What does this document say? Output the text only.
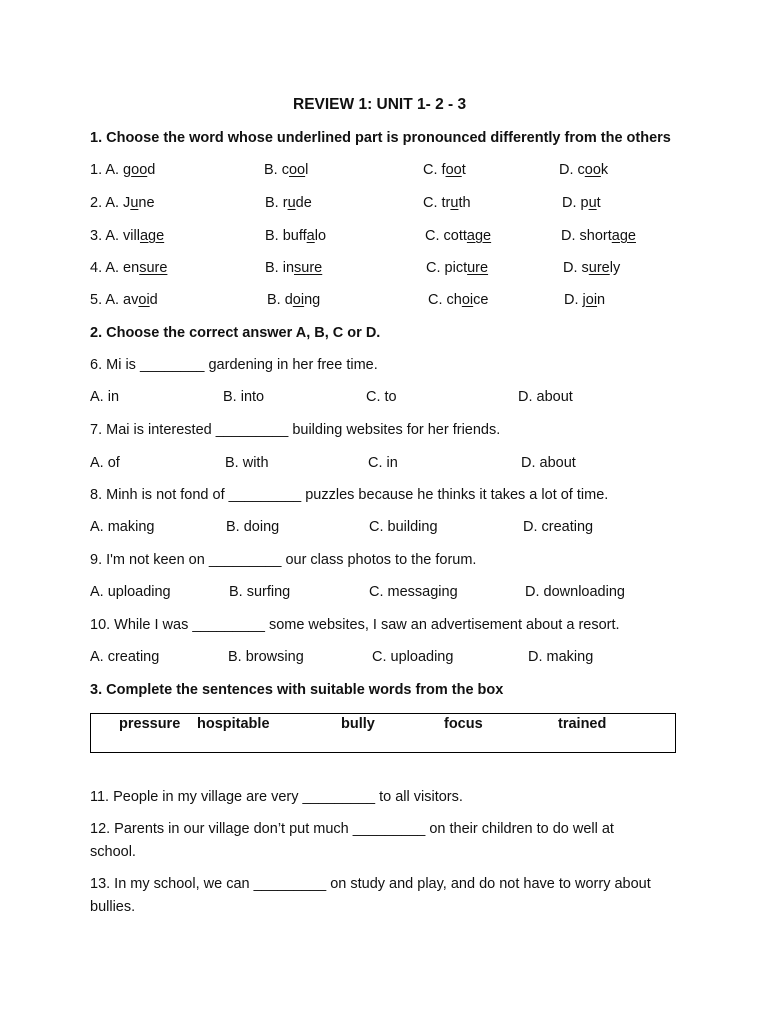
REVIEW 1: UNIT 1- 2 - 3
1. Choose the word whose underlined part is pronounced differently from the others
1. A. good	B. cool	C. foot	D. cook
2. A. June	B. rude	C. truth	D. put
3. A. village	B. buffalo	C. cottage	D. shortage
4. A. ensure	B. insure	C. picture	D. surely
5. A. avoid	B. doing	C. choice	D. join
2. Choose the correct answer A, B, C or D.
6. Mi is ________ gardening in her free time.
A. in	B. into	C. to	D. about
7. Mai is interested _________ building websites for her friends.
A. of	B. with	C. in	D. about
8. Minh is not fond of _________ puzzles because he thinks it takes a lot of time.
A. making	B. doing	C. building	D. creating
9. I'm not keen on _________ our class photos to the forum.
A. uploading	B. surfing	C. messaging	D. downloading
10. While I was _________ some websites, I saw an advertisement about a resort.
A. creating	B. browsing	C. uploading	D. making
3. Complete the sentences with suitable words from the box
pressure hospitable	bully	focus	trained
11. People in my village are very _________ to all visitors.
12. Parents in our village don’t put much _________ on their children to do well at
school.
13. In my school, we can _________ on study and play, and do not have to worry about
bullies.
